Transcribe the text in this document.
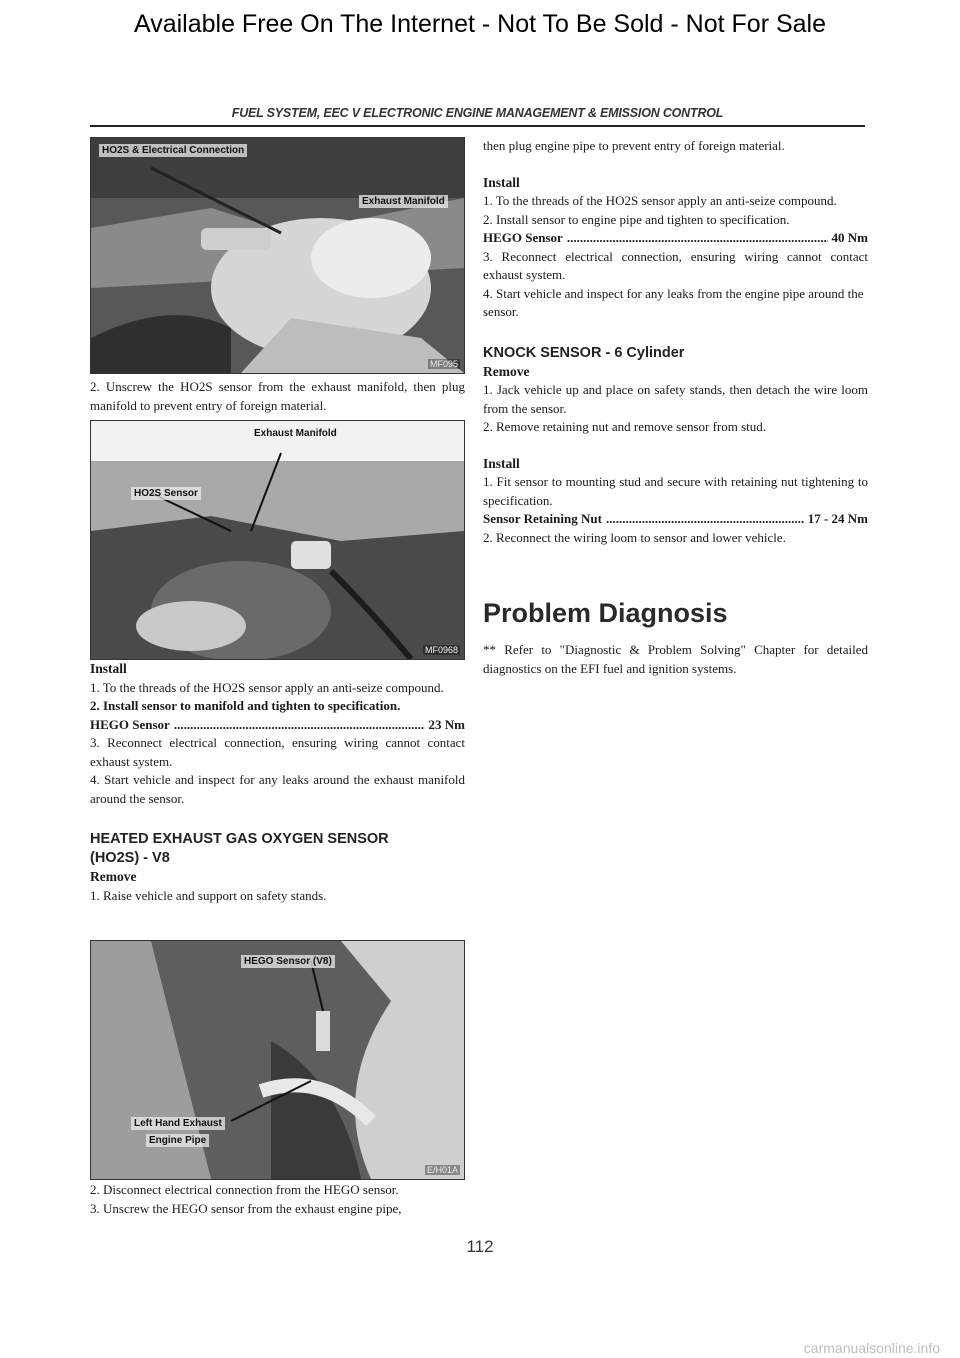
Available Free On The Internet - Not To Be Sold - Not For Sale
FUEL SYSTEM, EEC V ELECTRONIC ENGINE MANAGEMENT & EMISSION CONTROL
HO2S & Electrical Connection
Exhaust Manifold
MF095

2. Unscrew the HO2S sensor from the exhaust manifold, then plug manifold to prevent entry of foreign material.

Exhaust Manifold
HO2S Sensor
MF0968

Install

1. To the threads of the HO2S sensor apply an anti-seize compound.

2. Install sensor to manifold and tighten to specification.

HEGO Sensor .....	23 Nm

3. Reconnect electrical connection, ensuring wiring cannot contact exhaust system.

4. Start vehicle and inspect for any leaks around the exhaust manifold around the sensor.

HEATED EXHAUST GAS OXYGEN SENSOR

(HO2S) - V8

Remove

1. Raise vehicle and support on safety stands.

HEGO Sensor (V8)
Left Hand Exhaust
Engine Pipe
E/H01A

2. Disconnect electrical connection from the HEGO sensor.

3. Unscrew the HEGO sensor from the exhaust engine pipe,

then plug engine pipe to prevent entry of foreign material.

Install

1. To the threads of the HO2S sensor apply an anti-seize compound.

2. Install sensor to engine pipe and tighten to specification.

HEGO Sensor .....	40 Nm

3. Reconnect electrical connection, ensuring wiring cannot contact exhaust system.

4. Start vehicle and inspect for any leaks from the engine pipe around the sensor.

KNOCK SENSOR - 6 Cylinder

Remove

1. Jack vehicle up and place on safety stands, then detach the wire loom from the sensor.

2. Remove retaining nut and remove sensor from stud.

Install

1. Fit sensor to mounting stud and secure with retaining nut tightening to specification.

Sensor Retaining Nut .....	17 - 24 Nm

2. Reconnect the wiring loom to sensor and lower vehicle.

Problem Diagnosis

** Refer to "Diagnostic & Problem Solving" Chapter for detailed diagnostics on the EFI fuel and ignition systems.

112
carmanualsonline.info
